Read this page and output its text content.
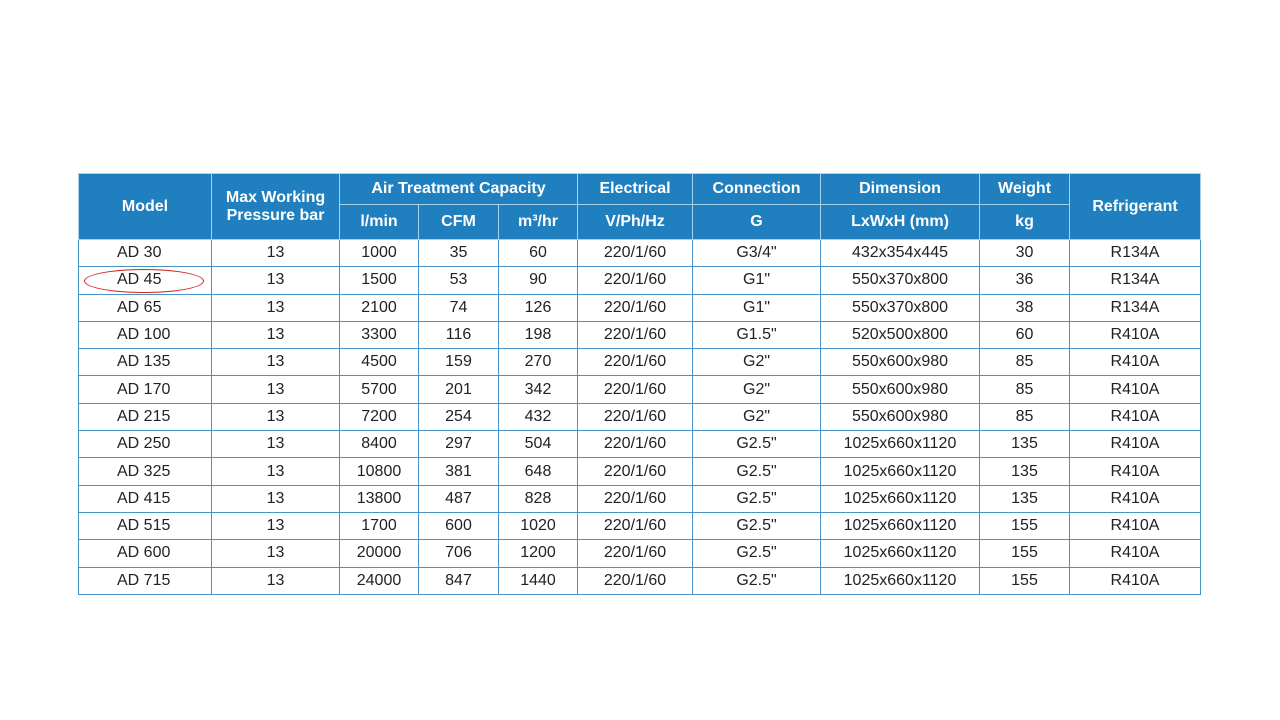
Model	Max Working Pressure bar	Air Treatment Capacity			Electrical	Connection	Dimension	Weight	Refrigerant
		l/min	CFM	m³/hr	V/Ph/Hz	G	LxWxH (mm)	kg	
AD 30	13	1000	35	60	220/1/60	G3/4"	432x354x445	30	R134A
AD 45	13	1500	53	90	220/1/60	G1"	550x370x800	36	R134A
AD 65	13	2100	74	126	220/1/60	G1"	550x370x800	38	R134A
AD 100	13	3300	116	198	220/1/60	G1.5"	520x500x800	60	R410A
AD 135	13	4500	159	270	220/1/60	G2"	550x600x980	85	R410A
AD 170	13	5700	201	342	220/1/60	G2"	550x600x980	85	R410A
AD 215	13	7200	254	432	220/1/60	G2"	550x600x980	85	R410A
AD 250	13	8400	297	504	220/1/60	G2.5"	1025x660x1120	135	R410A
AD 325	13	10800	381	648	220/1/60	G2.5"	1025x660x1120	135	R410A
AD 415	13	13800	487	828	220/1/60	G2.5"	1025x660x1120	135	R410A
AD 515	13	1700	600	1020	220/1/60	G2.5"	1025x660x1120	155	R410A
AD 600	13	20000	706	1200	220/1/60	G2.5"	1025x660x1120	155	R410A
AD 715	13	24000	847	1440	220/1/60	G2.5"	1025x660x1120	155	R410A
